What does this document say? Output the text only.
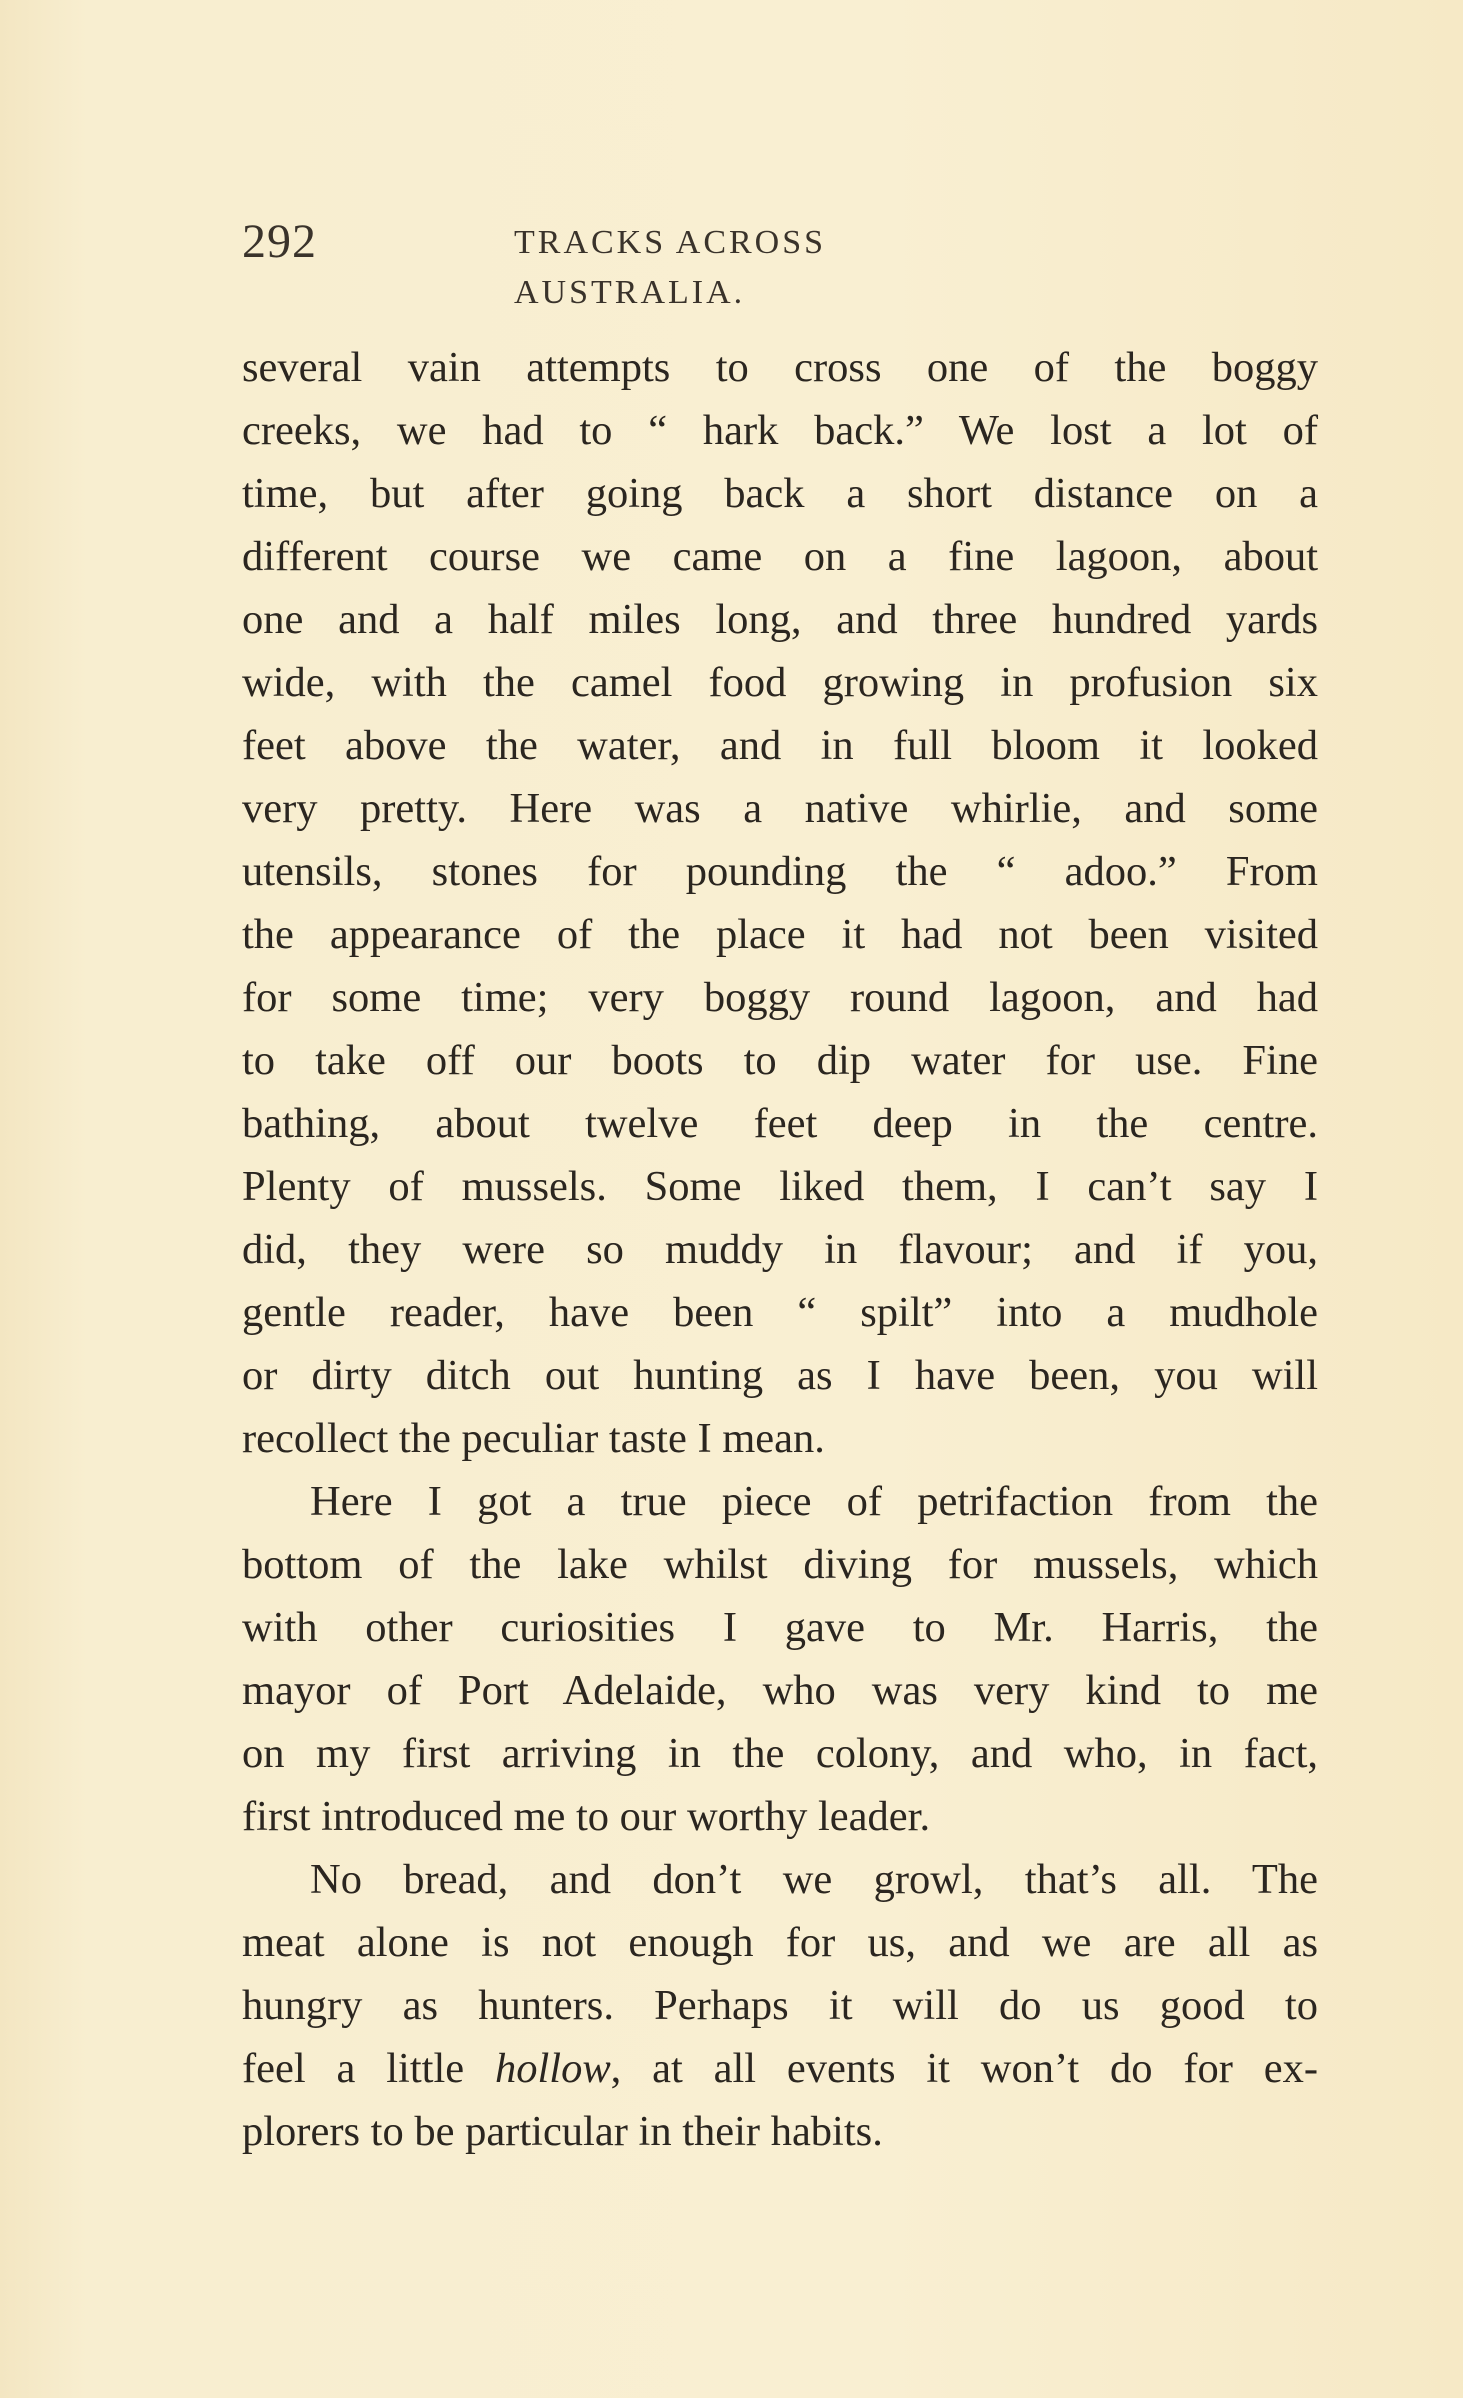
292	TRACKS ACROSS AUSTRALIA.
several vain attempts to cross one of the boggy
creeks, we had to “ hark back.” We lost a lot of
time, but after going back a short distance on a
different course we came on a fine lagoon, about
one and a half miles long, and three hundred yards
wide, with the camel food growing in profusion six
feet above the water, and in full bloom it looked
very pretty. Here was a native whirlie, and some
utensils, stones for pounding the “ adoo.” From
the appearance of the place it had not been visited
for some time; very boggy round lagoon, and had
to take off our boots to dip water for use. Fine
bathing, about twelve feet deep in the centre.
Plenty of mussels. Some liked them, I can’t say I
did, they were so muddy in flavour; and if you,
gentle reader, have been “ spilt” into a mudhole
or dirty ditch out hunting as I have been, you will
recollect the peculiar taste I mean.
Here I got a true piece of petrifaction from the
bottom of the lake whilst diving for mussels, which
with other curiosities I gave to Mr. Harris, the
mayor of Port Adelaide, who was very kind to me
on my first arriving in the colony, and who, in fact,
first introduced me to our worthy leader.
No bread, and don’t we growl, that’s all. The
meat alone is not enough for us, and we are all as
hungry as hunters. Perhaps it will do us good to
feel a little hollow, at all events it won’t do for ex-
plorers to be particular in their habits.
